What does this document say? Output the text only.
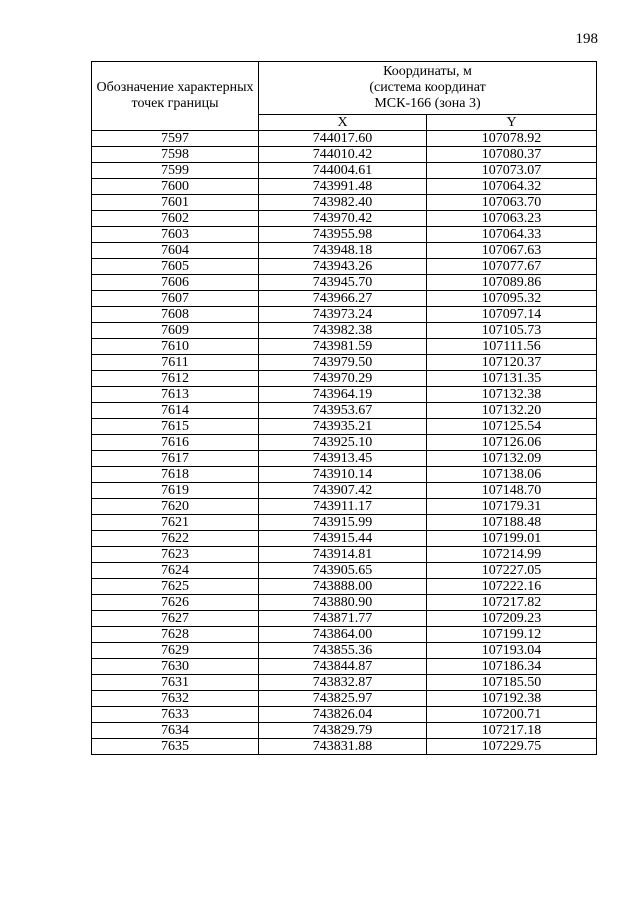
198
Обозначение характерных точек границы	Координаты, м
(система координат
МСК-166 (зона 3)	

	X	Y
7597	744017.60	107078.92
7598	744010.42	107080.37
7599	744004.61	107073.07
7600	743991.48	107064.32
7601	743982.40	107063.70
7602	743970.42	107063.23
7603	743955.98	107064.33
7604	743948.18	107067.63
7605	743943.26	107077.67
7606	743945.70	107089.86
7607	743966.27	107095.32
7608	743973.24	107097.14
7609	743982.38	107105.73
7610	743981.59	107111.56
7611	743979.50	107120.37
7612	743970.29	107131.35
7613	743964.19	107132.38
7614	743953.67	107132.20
7615	743935.21	107125.54
7616	743925.10	107126.06
7617	743913.45	107132.09
7618	743910.14	107138.06
7619	743907.42	107148.70
7620	743911.17	107179.31
7621	743915.99	107188.48
7622	743915.44	107199.01
7623	743914.81	107214.99
7624	743905.65	107227.05
7625	743888.00	107222.16
7626	743880.90	107217.82
7627	743871.77	107209.23
7628	743864.00	107199.12
7629	743855.36	107193.04
7630	743844.87	107186.34
7631	743832.87	107185.50
7632	743825.97	107192.38
7633	743826.04	107200.71
7634	743829.79	107217.18
7635	743831.88	107229.75
